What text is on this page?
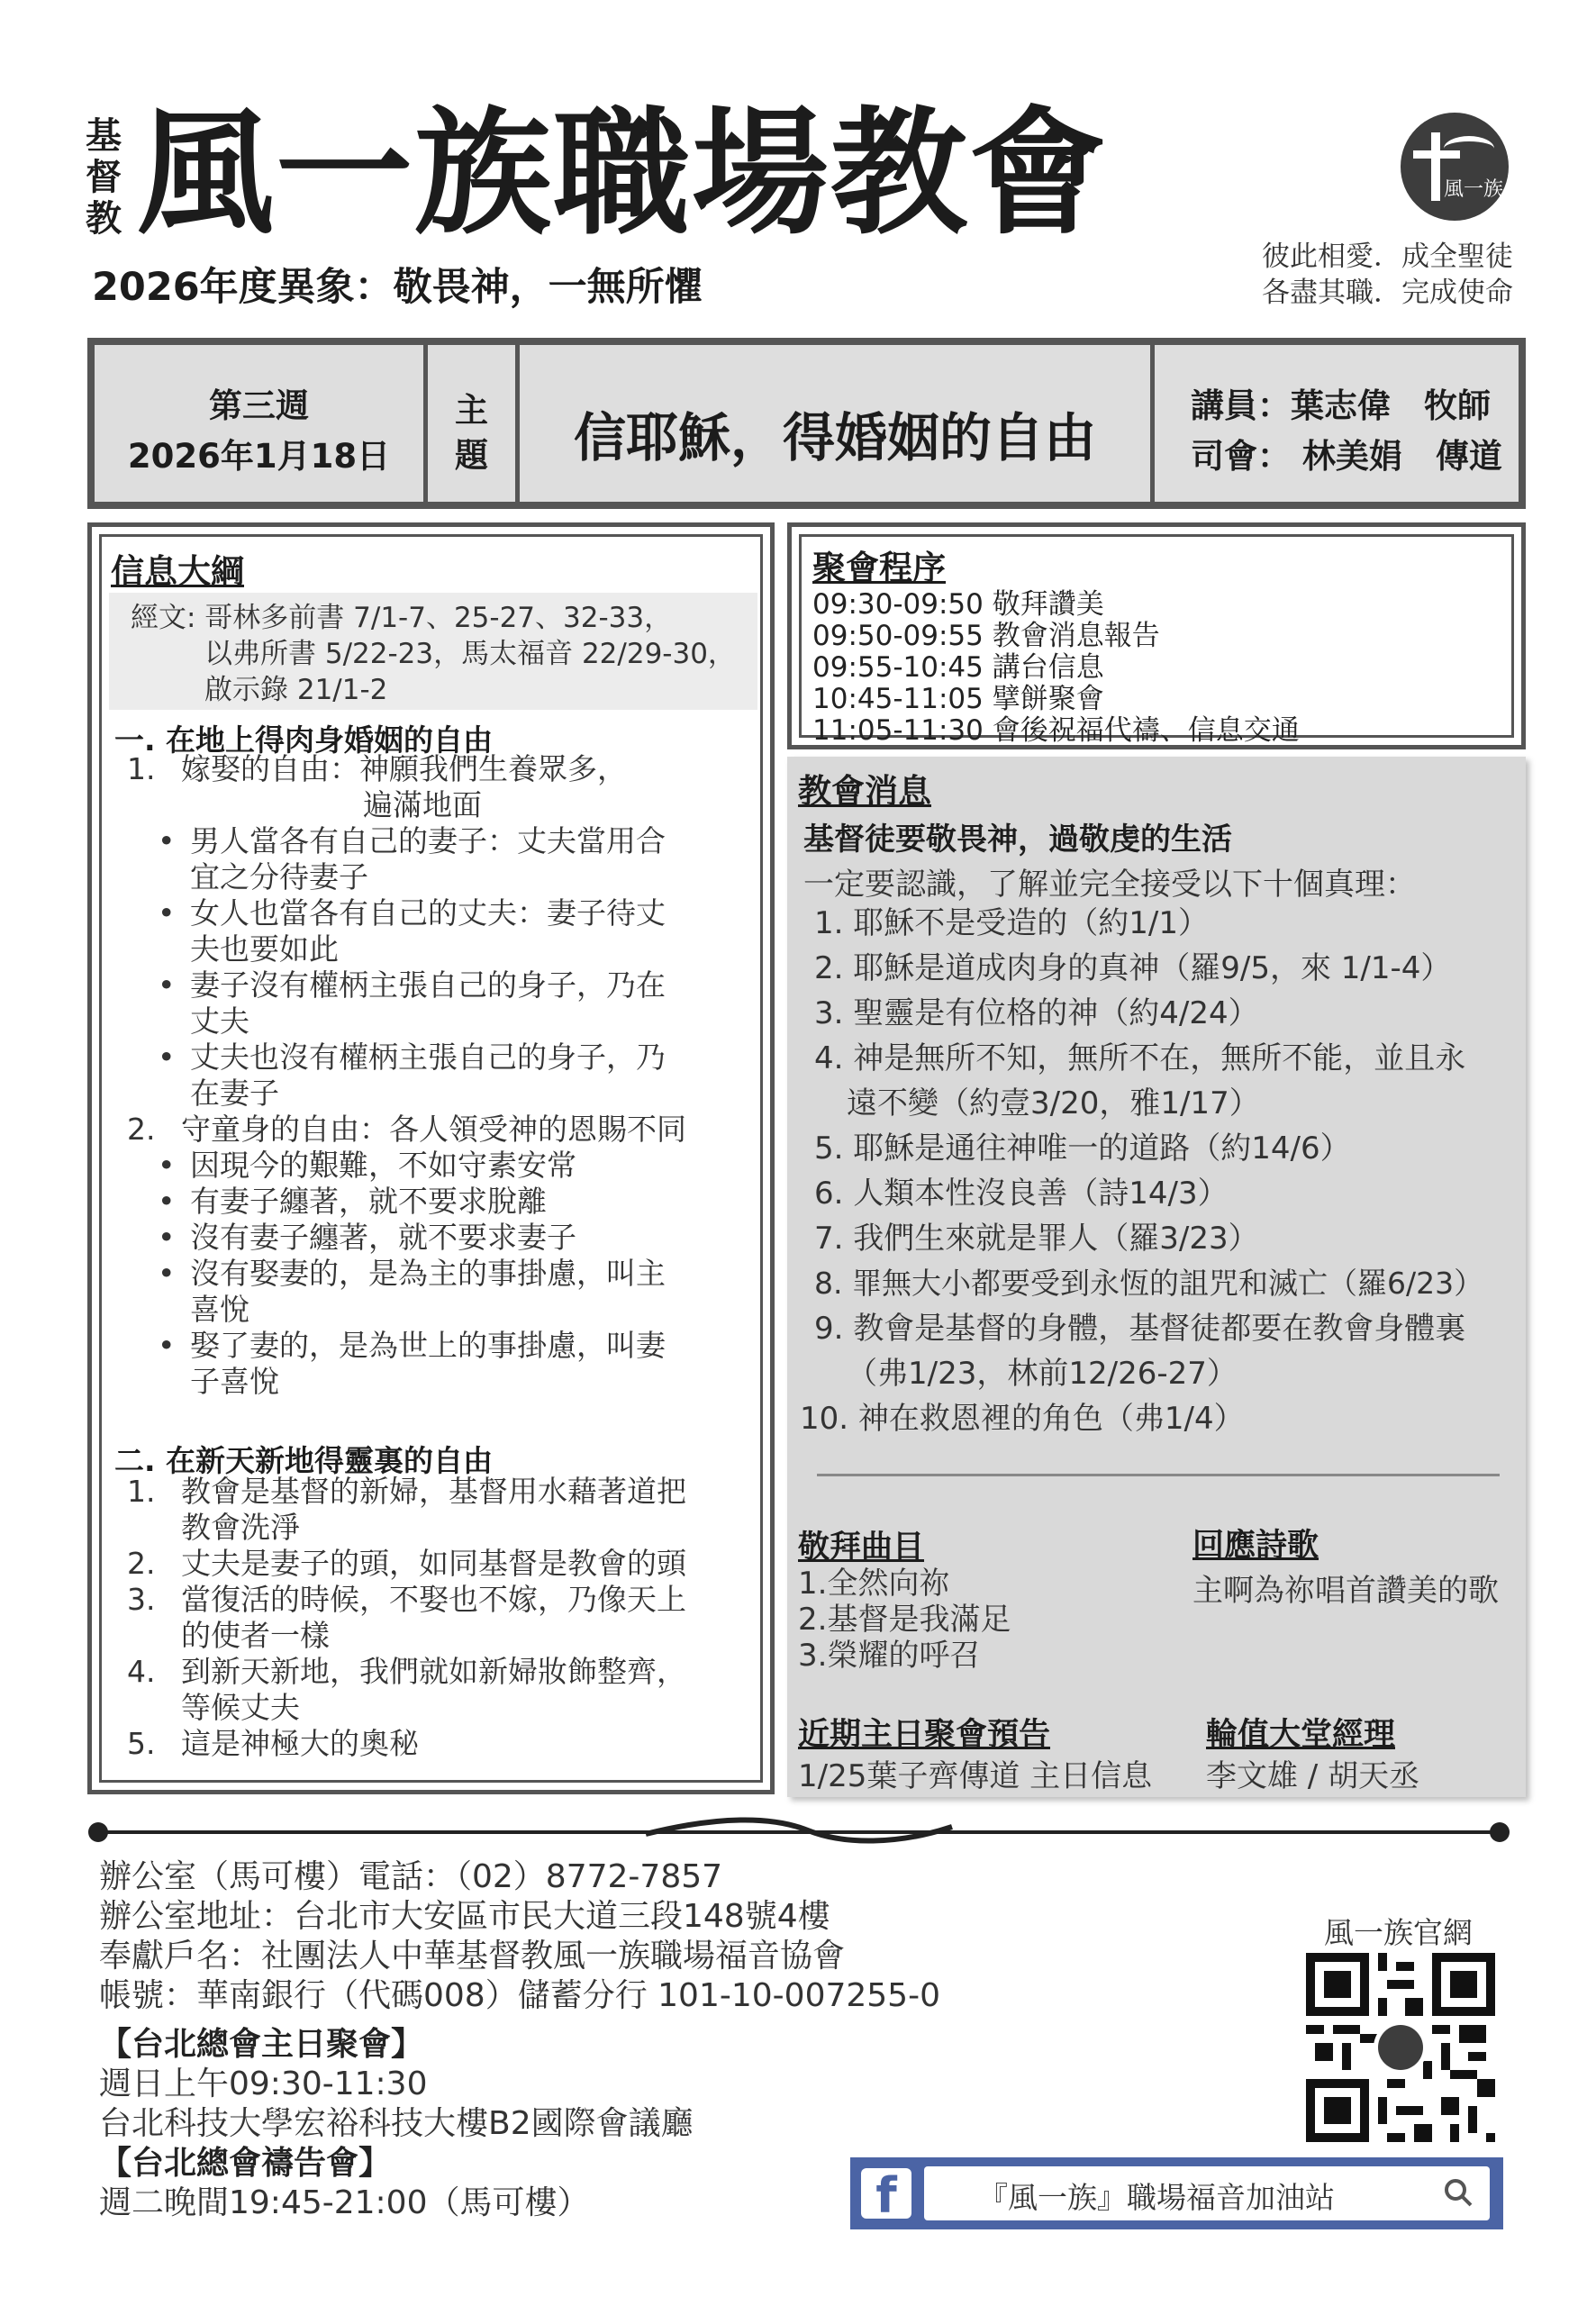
基
督
教 風一族職場教會
2026年度異象：敬畏神，一無所懼
風一族
彼此相愛．成全聖徒
各盡其職．完成使命
第三週
2026年1月18日
主
題	信耶穌，得婚姻的自由
講員：葉志偉　牧師
司會： 林美娟　傳道
信息大綱
經文: 哥林多前書 7/1-7、25-27、32-33，
以弗所書 5/22-23，馬太福音 22/29-30，
啟示錄 21/1-2
一. 在地上得肉身婚姻的自由
1. 嫁娶的自由：神願我們生養眾多，
遍滿地面
• 男人當各有自己的妻子：丈夫當用合
宜之分待妻子
• 女人也當各有自己的丈夫：妻子待丈
夫也要如此
• 妻子沒有權柄主張自己的身子，乃在
丈夫
• 丈夫也沒有權柄主張自己的身子，乃
在妻子
2. 守童身的自由：各人領受神的恩賜不同
• 因現今的艱難，不如守素安常
• 有妻子纏著，就不要求脫離
• 沒有妻子纏著，就不要求妻子
• 沒有娶妻的，是為主的事掛慮，叫主
喜悅
• 娶了妻的，是為世上的事掛慮，叫妻
子喜悅
二. 在新天新地得靈裏的自由
1. 教會是基督的新婦，基督用水藉著道把
教會洗淨
2. 丈夫是妻子的頭，如同基督是教會的頭
3. 當復活的時候，不娶也不嫁，乃像天上
的使者一樣
4. 到新天新地，我們就如新婦妝飾整齊，
等候丈夫
5. 這是神極大的奧秘
聚會程序
09:30-09:50 敬拜讚美
09:50-09:55 教會消息報告
09:55-10:45 講台信息
10:45-11:05 擘餅聚會
11:05-11:30 會後祝福代禱、信息交通
教會消息
基督徒要敬畏神，過敬虔的生活
一定要認識，了解並完全接受以下十個真理：
1. 耶穌不是受造的（約1/1）
2. 耶穌是道成肉身的真神（羅9/5，來 1/1-4）
3. 聖靈是有位格的神（約4/24）
4. 神是無所不知，無所不在，無所不能，並且永
遠不變（約壹3/20，雅1/17）
5. 耶穌是通往神唯一的道路（約14/6）
6. 人類本性沒良善（詩14/3）
7. 我們生來就是罪人（羅3/23）
8. 罪無大小都要受到永恆的詛咒和滅亡（羅6/23）
9. 教會是基督的身體，基督徒都要在教會身體裏
（弗1/23，林前12/26-27）
10. 神在救恩裡的角色（弗1/4）
敬拜曲目
1.全然向祢
2.基督是我滿足
3.榮耀的呼召
回應詩歌
主啊為祢唱首讚美的歌
近期主日聚會預告
1/25葉子齊傳道 主日信息
輪值大堂經理
李文雄 / 胡天丞
辦公室（馬可樓）電話：（02）8772-7857
辦公室地址：台北市大安區市民大道三段148號4樓
奉獻戶名：社團法人中華基督教風一族職場福音協會
帳號：華南銀行（代碼008）儲蓄分行 101-10-007255-0
【台北總會主日聚會】
週日上午09:30-11:30
台北科技大學宏裕科技大樓B2國際會議廳
【台北總會禱告會】
週二晚間19:45-21:00（馬可樓）
風一族官網
f	『風一族』職場福音加油站
